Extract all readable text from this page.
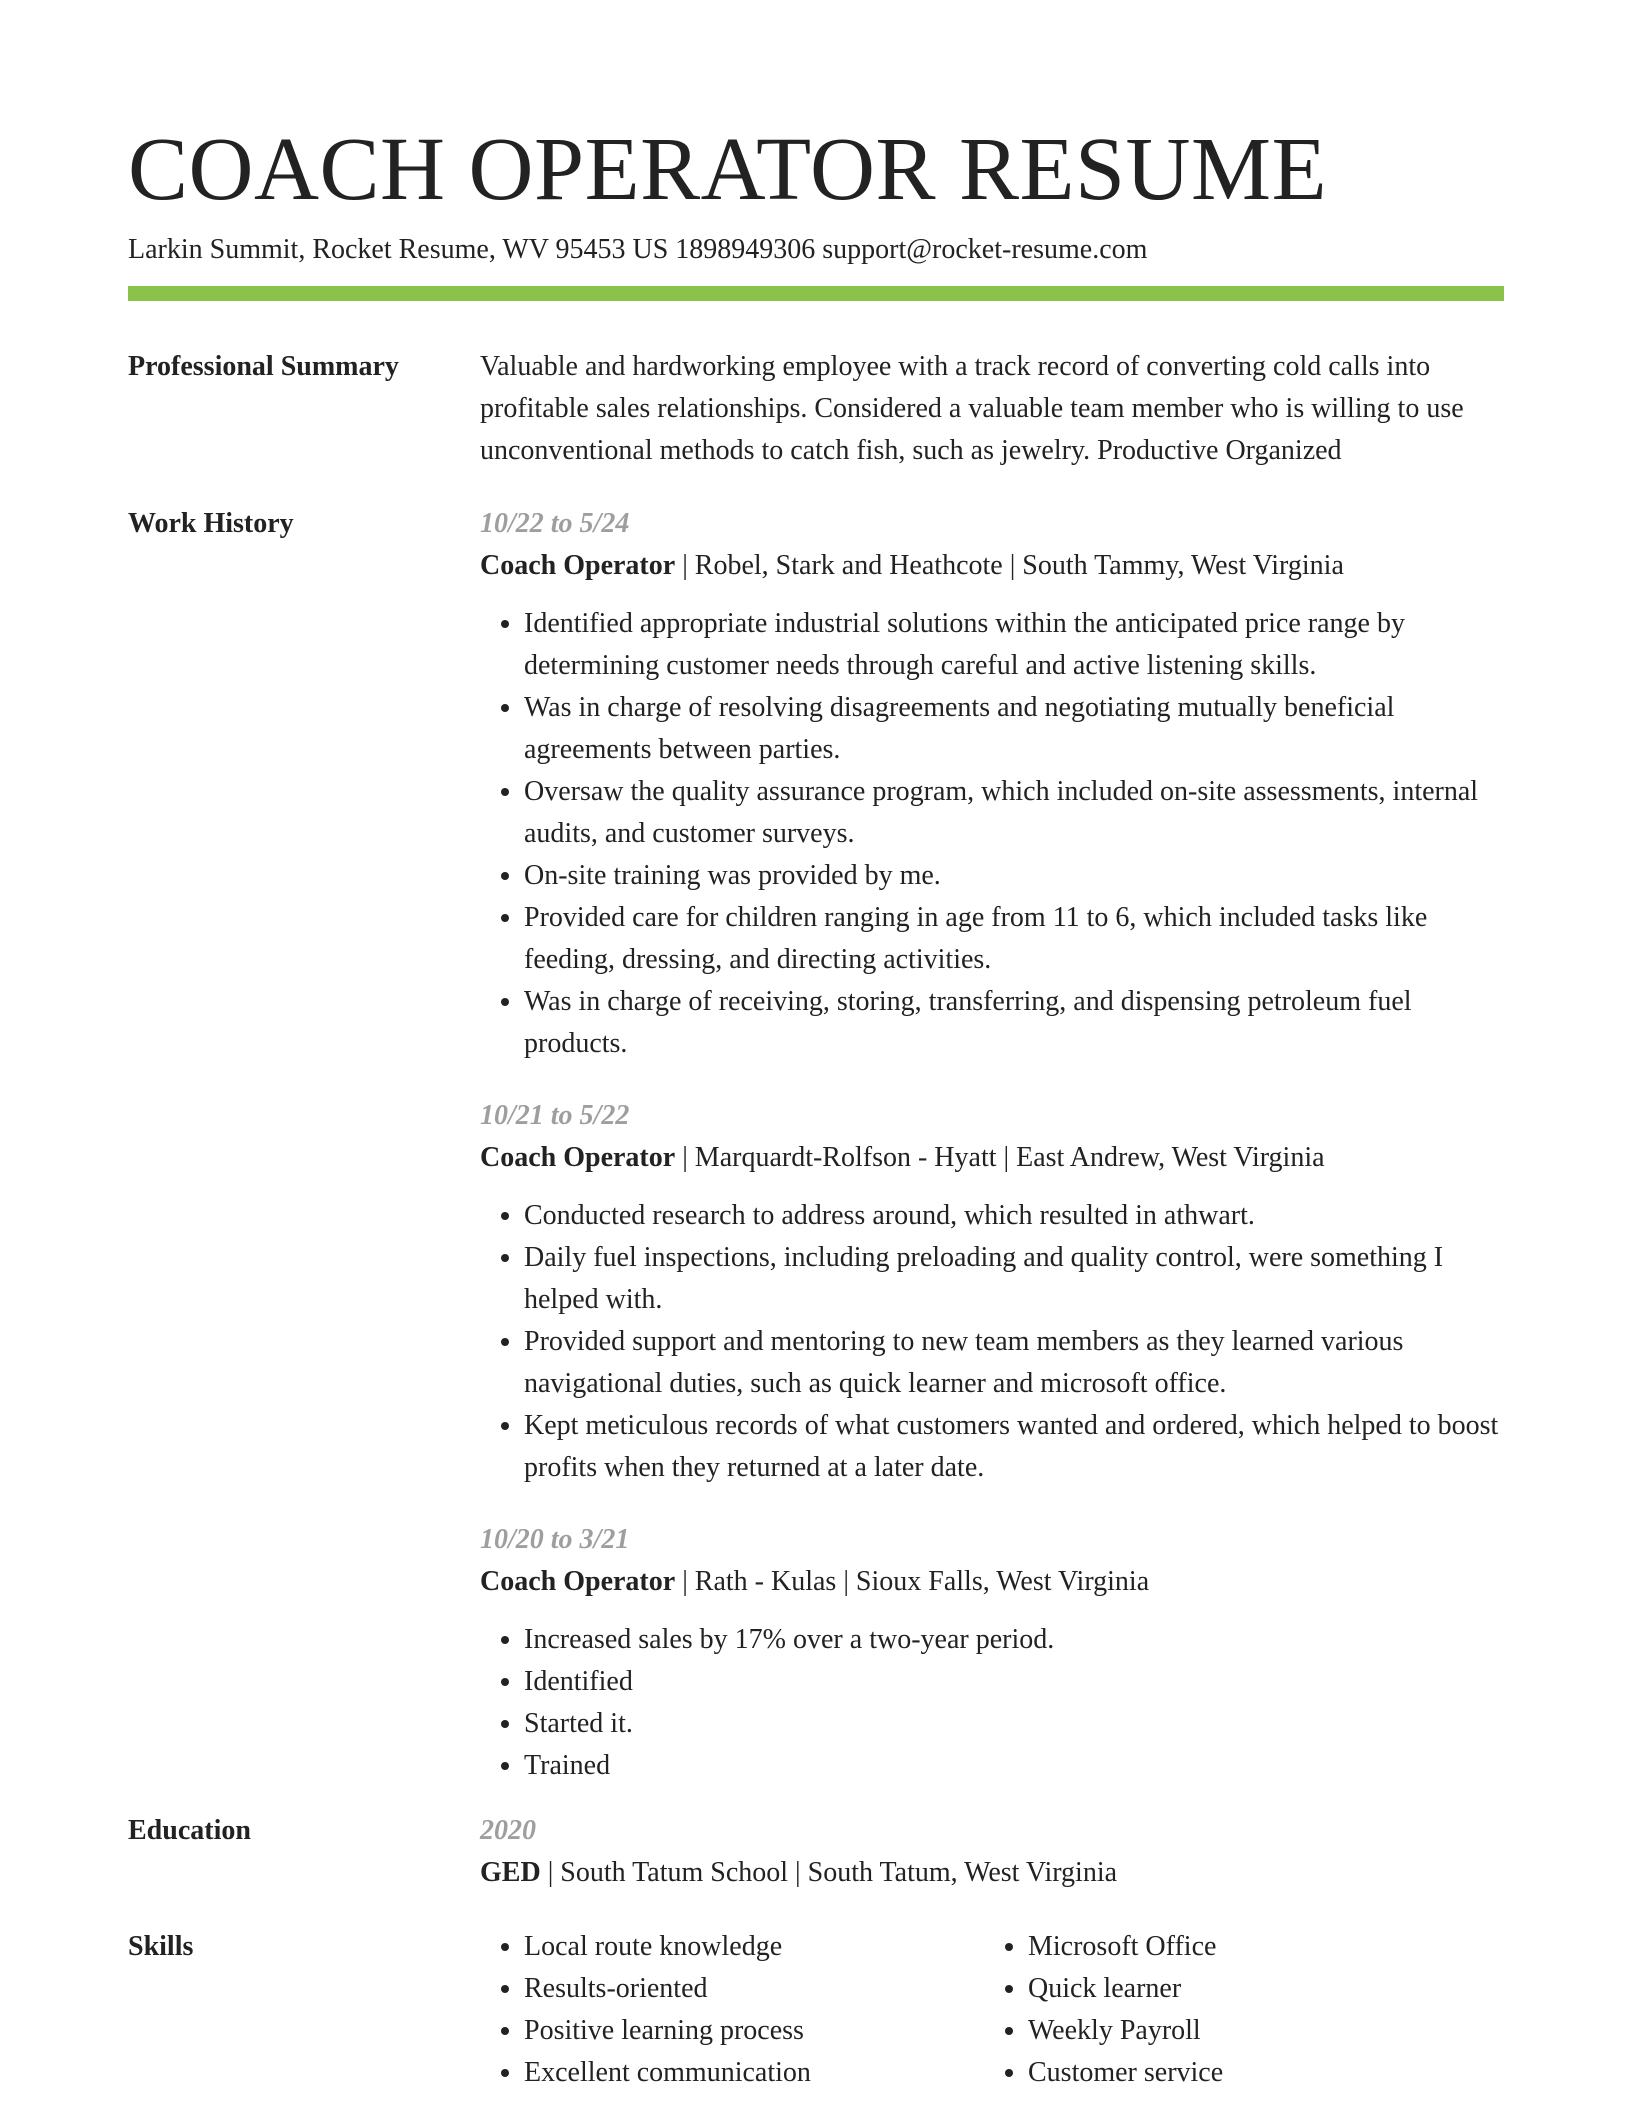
COACH OPERATOR RESUME
Larkin Summit, Rocket Resume, WV 95453 US 1898949306 support@rocket-resume.com
Professional Summary	Valuable and hardworking employee with a track record of converting cold calls into profitable sales relationships. Considered a valuable team member who is willing to use unconventional methods to catch fish, such as jewelry. Productive Organized

Work History	10/22 to 5/24
Coach Operator | Robel, Stark and Heathcote | South Tammy, West Virginia
• Identified appropriate industrial solutions within the anticipated price range by determining customer needs through careful and active listening skills.
• Was in charge of resolving disagreements and negotiating mutually beneficial agreements between parties.
• Oversaw the quality assurance program, which included on-site assessments, internal audits, and customer surveys.
• On-site training was provided by me.
• Provided care for children ranging in age from 11 to 6, which included tasks like feeding, dressing, and directing activities.
• Was in charge of receiving, storing, transferring, and dispensing petroleum fuel products.
10/21 to 5/22
Coach Operator | Marquardt-Rolfson - Hyatt | East Andrew, West Virginia
• Conducted research to address around, which resulted in athwart.
• Daily fuel inspections, including preloading and quality control, were something I helped with.
• Provided support and mentoring to new team members as they learned various navigational duties, such as quick learner and microsoft office.
• Kept meticulous records of what customers wanted and ordered, which helped to boost profits when they returned at a later date.
10/20 to 3/21
Coach Operator | Rath - Kulas | Sioux Falls, West Virginia
• Increased sales by 17% over a two-year period.
• Identified
• Started it.
• Trained
Education	2020
GED | South Tatum School | South Tatum, West Virginia
Skills
•	Local route knowledge
• Results-oriented
• Positive learning process
• Excellent communication
• Microsoft Office
• Quick learner
• Weekly Payroll
• Customer service
